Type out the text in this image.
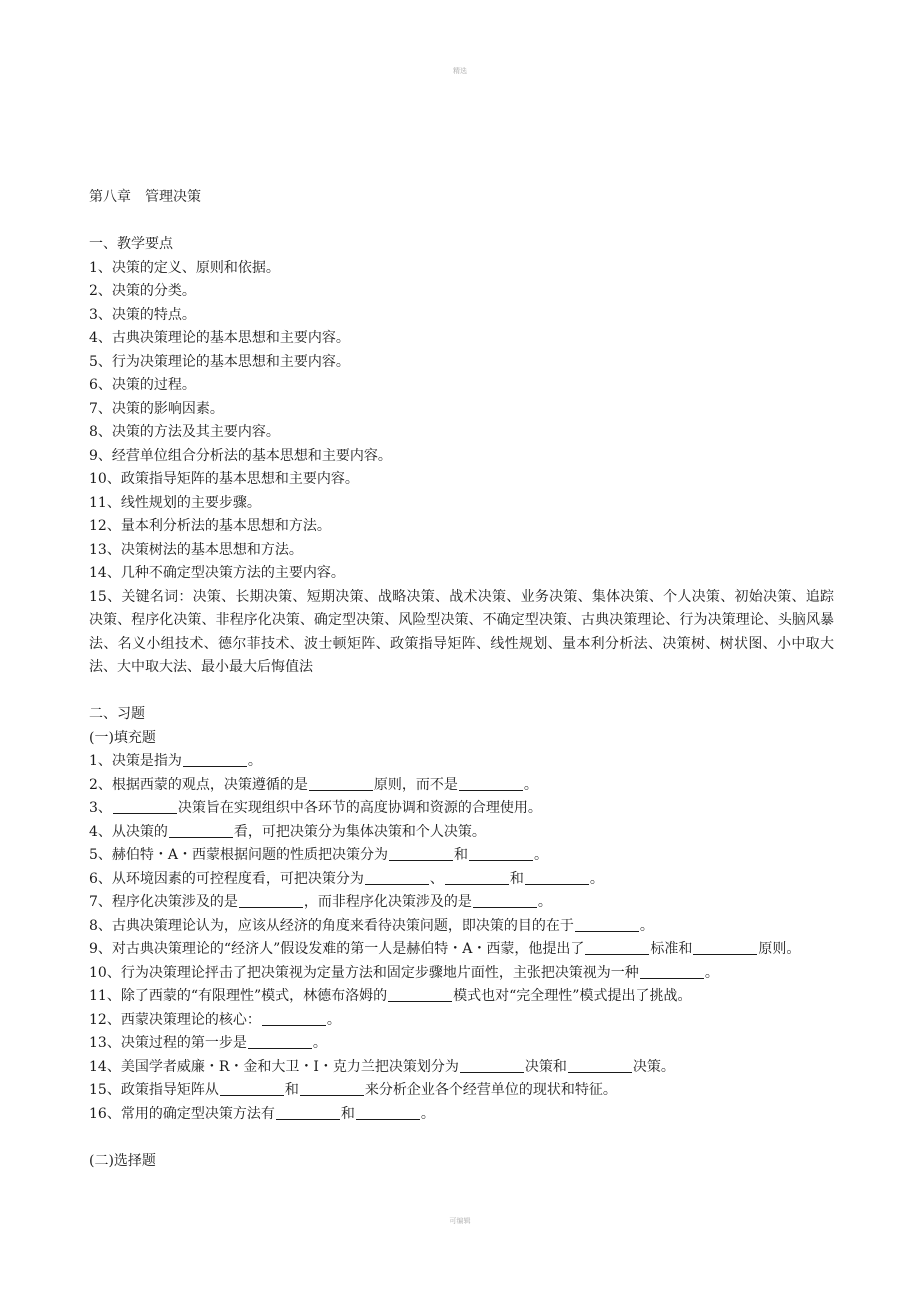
精选
第八章　管理决策
一、教学要点
1、决策的定义、原则和依据。
2、决策的分类。
3、决策的特点。
4、古典决策理论的基本思想和主要内容。
5、行为决策理论的基本思想和主要内容。
6、决策的过程。
7、决策的影响因素。
8、决策的方法及其主要内容。
9、经营单位组合分析法的基本思想和主要内容。
10、政策指导矩阵的基本思想和主要内容。
11、线性规划的主要步骤。
12、量本利分析法的基本思想和方法。
13、决策树法的基本思想和方法。
14、几种不确定型决策方法的主要内容。
15、关键名词：决策、长期决策、短期决策、战略决策、战术决策、业务决策、集体决策、个人决策、初始决策、追踪决策、程序化决策、非程序化决策、确定型决策、风险型决策、不确定型决策、古典决策理论、行为决策理论、头脑风暴法、名义小组技术、德尔菲技术、波士顿矩阵、政策指导矩阵、线性规划、量本利分析法、决策树、树状图、小中取大法、大中取大法、最小最大后悔值法
二、习题
(一)填充题
1、决策是指为	。
2、根据西蒙的观点，决策遵循的是	原则，而不是	。
3、	决策旨在实现组织中各环节的高度协调和资源的合理使用。
4、从决策的	看，可把决策分为集体决策和个人决策。
5、赫伯特・A・西蒙根据问题的性质把决策分为	和	。
6、从环境因素的可控程度看，可把决策分为	、	和	。
7、程序化决策涉及的是	，而非程序化决策涉及的是	。
8、古典决策理论认为，应该从经济的角度来看待决策问题，即决策的目的在于	。
9、对古典决策理论的“经济人”假设发难的第一人是赫伯特・A・西蒙，他提出了	标准和	原则。
10、行为决策理论抨击了把决策视为定量方法和固定步骤地片面性，主张把决策视为一种	。
11、除了西蒙的“有限理性”模式，林德布洛姆的	模式也对“完全理性”模式提出了挑战。
12、西蒙决策理论的核心：	。
13、决策过程的第一步是	。
14、美国学者威廉・R・金和大卫・I・克力兰把决策划分为	决策和	决策。
15、政策指导矩阵从	和	来分析企业各个经营单位的现状和特征。
16、常用的确定型决策方法有	和	。
(二)选择题
可编辑
